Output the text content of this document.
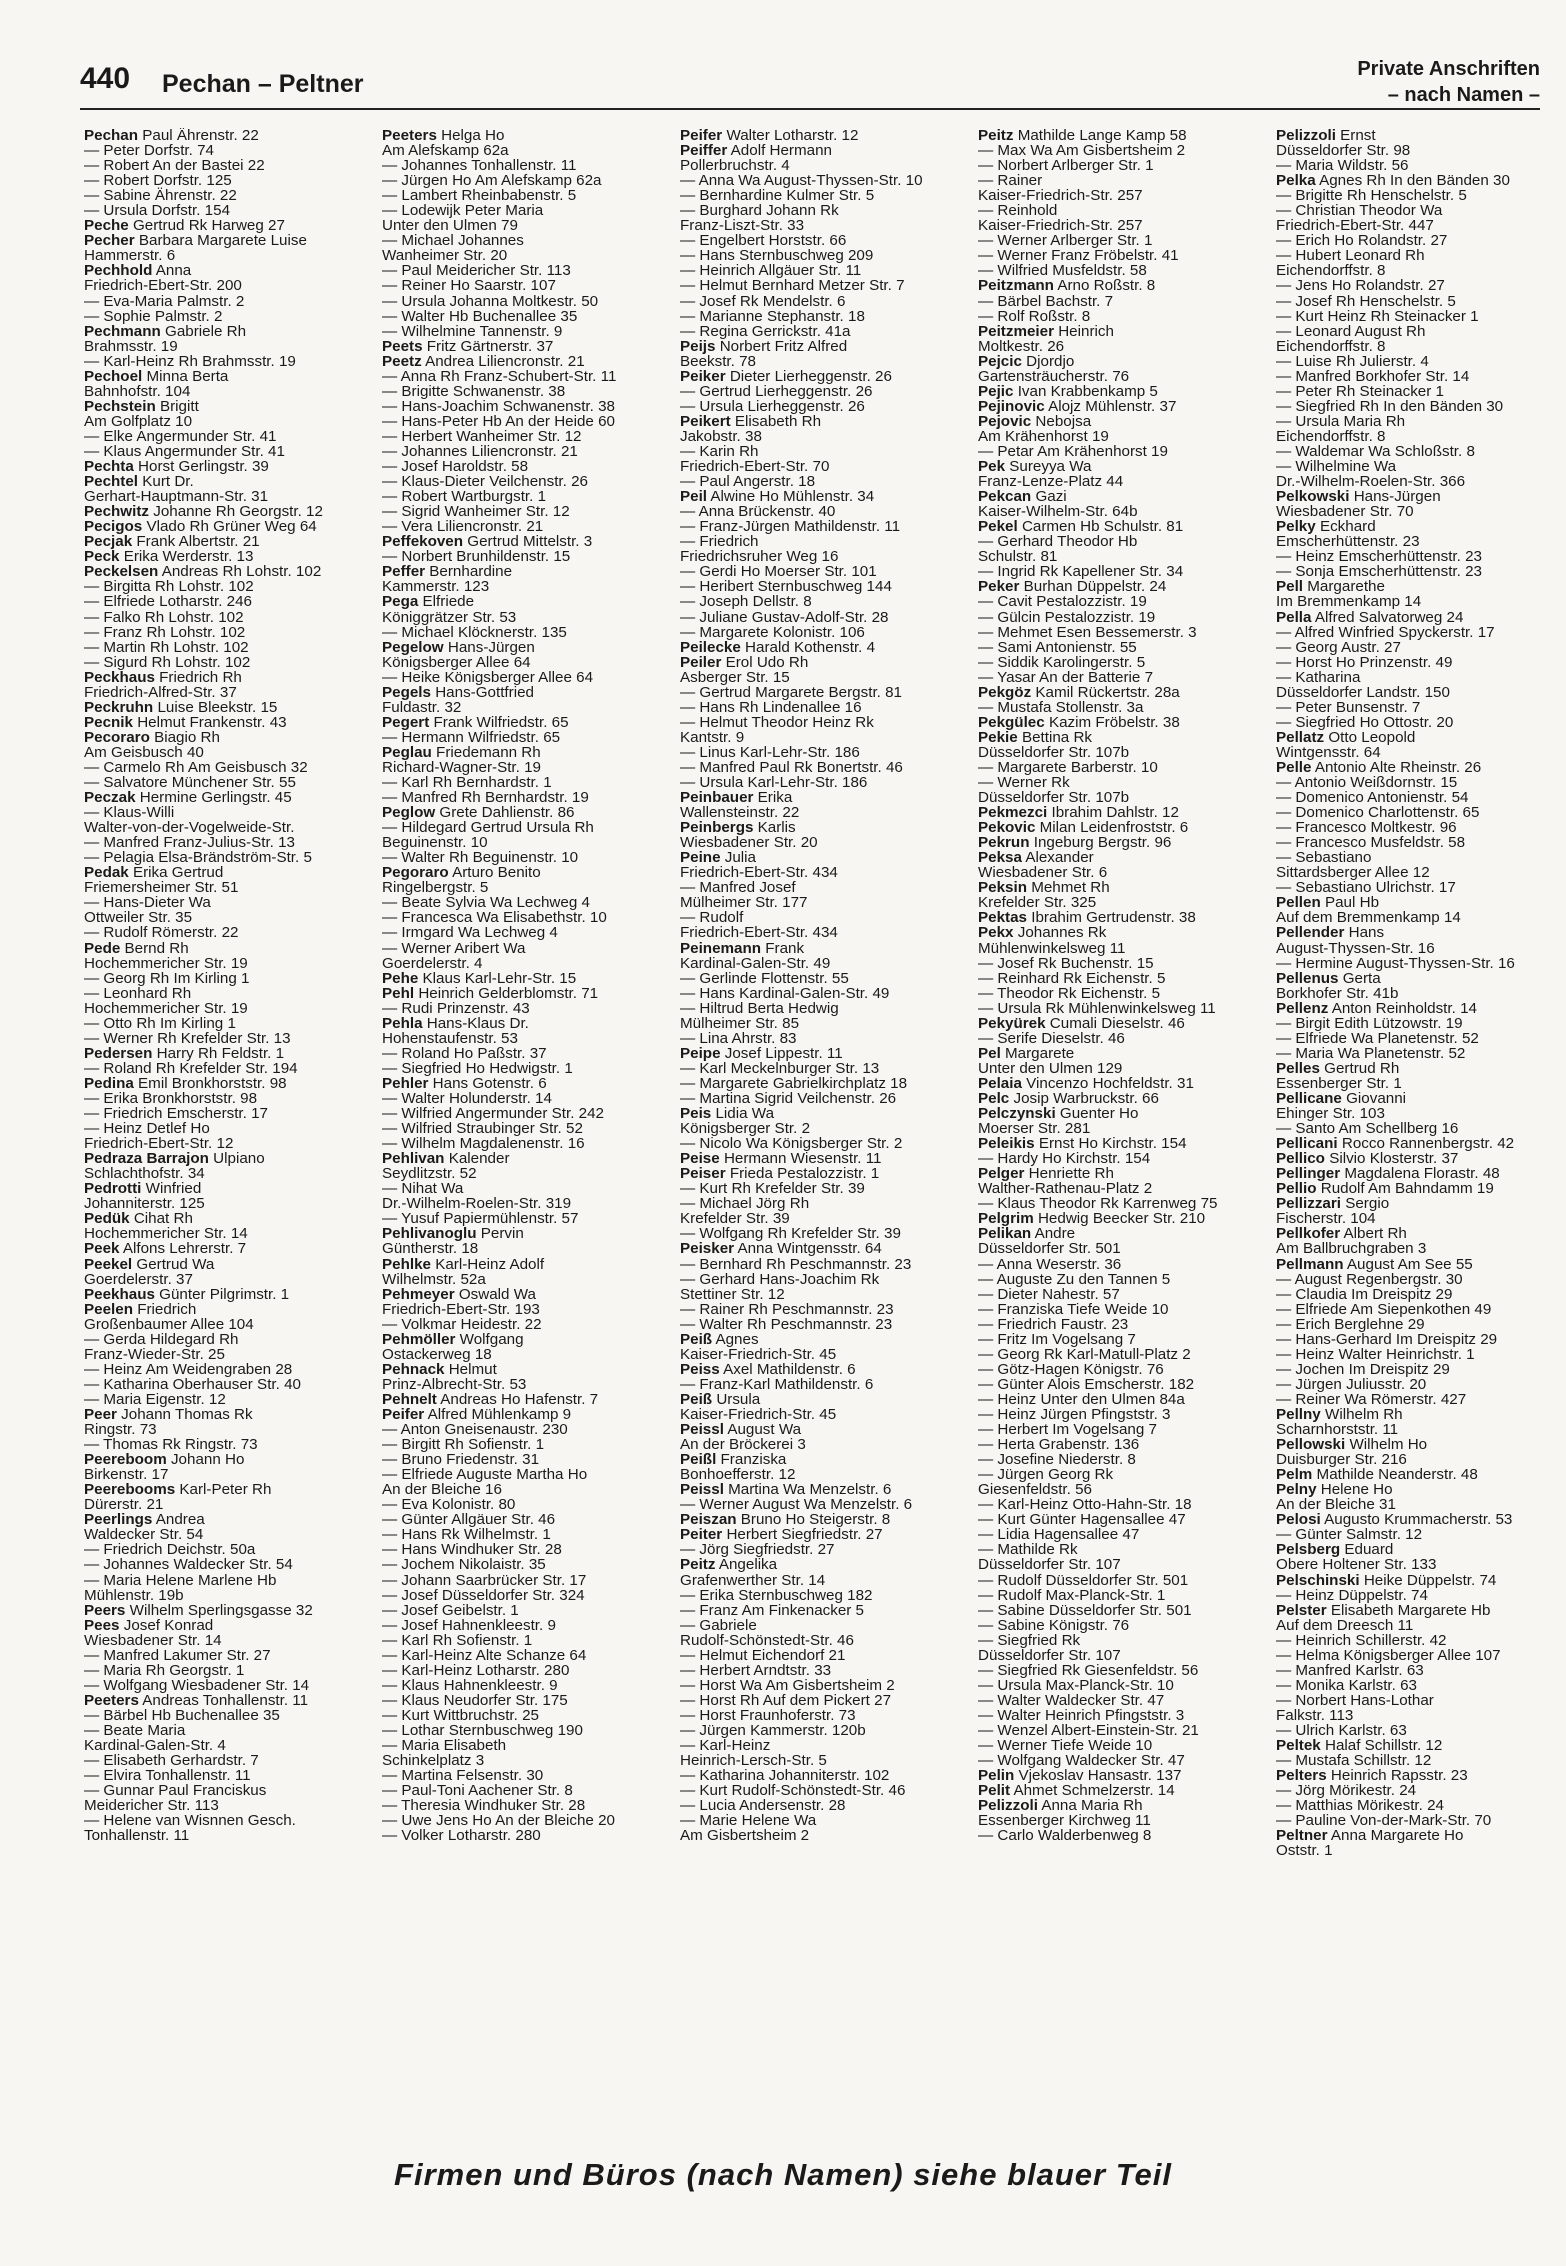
440 Pechan – Peltner
Private Anschriften
– nach Namen –
Pechan Paul Ährenstr. 22
— Peter Dorfstr. 74
— Robert An der Bastei 22
— Robert Dorfstr. 125
— Sabine Ährenstr. 22
— Ursula Dorfstr. 154
Peche Gertrud Rk Harweg 27
Pecher Barbara Margarete Luise
Hammerstr. 6
Pechhold Anna
Friedrich-Ebert-Str. 200
— Eva-Maria Palmstr. 2
— Sophie Palmstr. 2
Pechmann Gabriele Rh
Brahmsstr. 19
— Karl-Heinz Rh Brahmsstr. 19
Pechoel Minna Berta
Bahnhofstr. 104
Pechstein Brigitt
Am Golfplatz 10
— Elke Angermunder Str. 41
— Klaus Angermunder Str. 41
Pechta Horst Gerlingstr. 39
Pechtel Kurt Dr.
Gerhart-Hauptmann-Str. 31
Pechwitz Johanne Rh Georgstr. 12
Pecigos Vlado Rh Grüner Weg 64
Pecjak Frank Albertstr. 21
Peck Erika Werderstr. 13
Peckelsen Andreas Rh Lohstr. 102
— Birgitta Rh Lohstr. 102
— Elfriede Lotharstr. 246
— Falko Rh Lohstr. 102
— Franz Rh Lohstr. 102
— Martin Rh Lohstr. 102
— Sigurd Rh Lohstr. 102
Peckhaus Friedrich Rh
Friedrich-Alfred-Str. 37
Peckruhn Luise Bleekstr. 15
Pecnik Helmut Frankenstr. 43
Pecoraro Biagio Rh
Am Geisbusch 40
— Carmelo Rh Am Geisbusch 32
— Salvatore Münchener Str. 55
Peczak Hermine Gerlingstr. 45
— Klaus-Willi
Walter-von-der-Vogelweide-Str.
— Manfred Franz-Julius-Str. 13
— Pelagia Elsa-Brändström-Str. 5
Pedak Erika Gertrud
Friemersheimer Str. 51
— Hans-Dieter Wa
Ottweiler Str. 35
— Rudolf Römerstr. 22
Pede Bernd Rh
Hochemmericher Str. 19
— Georg Rh Im Kirling 1
— Leonhard Rh
Hochemmericher Str. 19
— Otto Rh Im Kirling 1
— Werner Rh Krefelder Str. 13
Pedersen Harry Rh Feldstr. 1
— Roland Rh Krefelder Str. 194
Pedina Emil Bronkhorststr. 98
— Erika Bronkhorststr. 98
— Friedrich Emscherstr. 17
— Heinz Detlef Ho
Friedrich-Ebert-Str. 12
Pedraza Barrajon Ulpiano
Schlachthofstr. 34
Pedrotti Winfried
Johanniterstr. 125
Pedük Cihat Rh
Hochemmericher Str. 14
Peek Alfons Lehrerstr. 7
Peekel Gertrud Wa
Goerdelerstr. 37
Peekhaus Günter Pilgrimstr. 1
Peelen Friedrich
Großenbaumer Allee 104
— Gerda Hildegard Rh
Franz-Wieder-Str. 25
— Heinz Am Weidengraben 28
— Katharina Oberhauser Str. 40
— Maria Eigenstr. 12
Peer Johann Thomas Rk
Ringstr. 73
— Thomas Rk Ringstr. 73
Peereboom Johann Ho
Birkenstr. 17
Peerebooms Karl-Peter Rh
Dürerstr. 21
Peerlings Andrea
Waldecker Str. 54
— Friedrich Deichstr. 50a
— Johannes Waldecker Str. 54
— Maria Helene Marlene Hb
Mühlenstr. 19b
Peers Wilhelm Sperlingsgasse 32
Pees Josef Konrad
Wiesbadener Str. 14
— Manfred Lakumer Str. 27
— Maria Rh Georgstr. 1
— Wolfgang Wiesbadener Str. 14
Peeters Andreas Tonhallenstr. 11
— Bärbel Hb Buchenallee 35
— Beate Maria
Kardinal-Galen-Str. 4
— Elisabeth Gerhardstr. 7
— Elvira Tonhallenstr. 11
— Gunnar Paul Franciskus
Meidericher Str. 113
— Helene van Wisnnen Gesch.
Tonhallenstr. 11
Peeters Helga Ho
Am Alefskamp 62a
— Johannes Tonhallenstr. 11
— Jürgen Ho Am Alefskamp 62a
— Lambert Rheinbabenstr. 5
— Lodewijk Peter Maria
Unter den Ulmen 79
— Michael Johannes
Wanheimer Str. 20
— Paul Meidericher Str. 113
— Reiner Ho Saarstr. 107
— Ursula Johanna Moltkestr. 50
— Walter Hb Buchenallee 35
— Wilhelmine Tannenstr. 9
Peets Fritz Gärtnerstr. 37
Peetz Andrea Liliencronstr. 21
— Anna Rh Franz-Schubert-Str. 11
— Brigitte Schwanenstr. 38
— Hans-Joachim Schwanenstr. 38
— Hans-Peter Hb An der Heide 60
— Herbert Wanheimer Str. 12
— Johannes Liliencronstr. 21
— Josef Haroldstr. 58
— Klaus-Dieter Veilchenstr. 26
— Robert Wartburgstr. 1
— Sigrid Wanheimer Str. 12
— Vera Liliencronstr. 21
Peffekoven Gertrud Mittelstr. 3
— Norbert Brunhildenstr. 15
Peffer Bernhardine
Kammerstr. 123
Pega Elfriede
Königgrätzer Str. 53
— Michael Klöcknerstr. 135
Pegelow Hans-Jürgen
Königsberger Allee 64
— Heike Königsberger Allee 64
Pegels Hans-Gottfried
Fuldastr. 32
Pegert Frank Wilfriedstr. 65
— Hermann Wilfriedstr. 65
Peglau Friedemann Rh
Richard-Wagner-Str. 19
— Karl Rh Bernhardstr. 1
— Manfred Rh Bernhardstr. 19
Peglow Grete Dahlienstr. 86
— Hildegard Gertrud Ursula Rh
Beguinenstr. 10
— Walter Rh Beguinenstr. 10
Pegoraro Arturo Benito
Ringelbergstr. 5
— Beate Sylvia Wa Lechweg 4
— Francesca Wa Elisabethstr. 10
— Irmgard Wa Lechweg 4
— Werner Aribert Wa
Goerdelerstr. 4
Pehe Klaus Karl-Lehr-Str. 15
Pehl Heinrich Gelderblomstr. 71
— Rudi Prinzenstr. 43
Pehla Hans-Klaus Dr.
Hohenstaufenstr. 53
— Roland Ho Paßstr. 37
— Siegfried Ho Hedwigstr. 1
Pehler Hans Gotenstr. 6
— Walter Holunderstr. 14
— Wilfried Angermunder Str. 242
— Wilfried Straubinger Str. 52
— Wilhelm Magdalenenstr. 16
Pehlivan Kalender
Seydlitzstr. 52
— Nihat Wa
Dr.-Wilhelm-Roelen-Str. 319
— Yusuf Papiermühlenstr. 57
Pehlivanoglu Pervin
Güntherstr. 18
Pehlke Karl-Heinz Adolf
Wilhelmstr. 52a
Pehmeyer Oswald Wa
Friedrich-Ebert-Str. 193
— Volkmar Heidestr. 22
Pehmöller Wolfgang
Ostackerweg 18
Pehnack Helmut
Prinz-Albrecht-Str. 53
Pehnelt Andreas Ho Hafenstr. 7
Peifer Alfred Mühlenkamp 9
— Anton Gneisenaustr. 230
— Birgitt Rh Sofienstr. 1
— Bruno Friedenstr. 31
— Elfriede Auguste Martha Ho
An der Bleiche 16
— Eva Kolonistr. 80
— Günter Allgäuer Str. 46
— Hans Rk Wilhelmstr. 1
— Hans Windhuker Str. 28
— Jochem Nikolaistr. 35
— Johann Saarbrücker Str. 17
— Josef Düsseldorfer Str. 324
— Josef Geibelstr. 1
— Josef Hahnenkleestr. 9
— Karl Rh Sofienstr. 1
— Karl-Heinz Alte Schanze 64
— Karl-Heinz Lotharstr. 280
— Klaus Hahnenkleestr. 9
— Klaus Neudorfer Str. 175
— Kurt Wittbruchstr. 25
— Lothar Sternbuschweg 190
— Maria Elisabeth
Schinkelplatz 3
— Martina Felsenstr. 30
— Paul-Toni Aachener Str. 8
— Theresia Windhuker Str. 28
— Uwe Jens Ho An der Bleiche 20
— Volker Lotharstr. 280
Peifer Walter Lotharstr. 12
Peiffer Adolf Hermann
Pollerbruchstr. 4
— Anna Wa August-Thyssen-Str. 10
— Bernhardine Kulmer Str. 5
— Burghard Johann Rk
Franz-Liszt-Str. 33
— Engelbert Horststr. 66
— Hans Sternbuschweg 209
— Heinrich Allgäuer Str. 11
— Helmut Bernhard Metzer Str. 7
— Josef Rk Mendelstr. 6
— Marianne Stephanstr. 18
— Regina Gerrickstr. 41a
Peijs Norbert Fritz Alfred
Beekstr. 78
Peiker Dieter Lierheggenstr. 26
— Gertrud Lierheggenstr. 26
— Ursula Lierheggenstr. 26
Peikert Elisabeth Rh
Jakobstr. 38
— Karin Rh
Friedrich-Ebert-Str. 70
— Paul Angerstr. 18
Peil Alwine Ho Mühlenstr. 34
— Anna Brückenstr. 40
— Franz-Jürgen Mathildenstr. 11
— Friedrich
Friedrichsruher Weg 16
— Gerdi Ho Moerser Str. 101
— Heribert Sternbuschweg 144
— Joseph Dellstr. 8
— Juliane Gustav-Adolf-Str. 28
— Margarete Kolonistr. 106
Peilecke Harald Kothenstr. 4
Peiler Erol Udo Rh
Asberger Str. 15
— Gertrud Margarete Bergstr. 81
— Hans Rh Lindenallee 16
— Helmut Theodor Heinz Rk
Kantstr. 9
— Linus Karl-Lehr-Str. 186
— Manfred Paul Rk Bonertstr. 46
— Ursula Karl-Lehr-Str. 186
Peinbauer Erika
Wallensteinstr. 22
Peinbergs Karlis
Wiesbadener Str. 20
Peine Julia
Friedrich-Ebert-Str. 434
— Manfred Josef
Mülheimer Str. 177
— Rudolf
Friedrich-Ebert-Str. 434
Peinemann Frank
Kardinal-Galen-Str. 49
— Gerlinde Flottenstr. 55
— Hans Kardinal-Galen-Str. 49
— Hiltrud Berta Hedwig
Mülheimer Str. 85
— Lina Ahrstr. 83
Peipe Josef Lippestr. 11
— Karl Meckelnburger Str. 13
— Margarete Gabrielkirchplatz 18
— Martina Sigrid Veilchenstr. 26
Peis Lidia Wa
Königsberger Str. 2
— Nicolo Wa Königsberger Str. 2
Peise Hermann Wiesenstr. 11
Peiser Frieda Pestalozzistr. 1
— Kurt Rh Krefelder Str. 39
— Michael Jörg Rh
Krefelder Str. 39
— Wolfgang Rh Krefelder Str. 39
Peisker Anna Wintgensstr. 64
— Bernhard Rh Peschmannstr. 23
— Gerhard Hans-Joachim Rk
Stettiner Str. 12
— Rainer Rh Peschmannstr. 23
— Walter Rh Peschmannstr. 23
Peiß Agnes
Kaiser-Friedrich-Str. 45
Peiss Axel Mathildenstr. 6
— Franz-Karl Mathildenstr. 6
Peiß Ursula
Kaiser-Friedrich-Str. 45
Peissl August Wa
An der Bröckerei 3
Peißl Franziska
Bonhoefferstr. 12
Peissl Martina Wa Menzelstr. 6
— Werner August Wa Menzelstr. 6
Peiszan Bruno Ho Steigerstr. 8
Peiter Herbert Siegfriedstr. 27
— Jörg Siegfriedstr. 27
Peitz Angelika
Grafenwerther Str. 14
— Erika Sternbuschweg 182
— Franz Am Finkenacker 5
— Gabriele
Rudolf-Schönstedt-Str. 46
— Helmut Eichendorf 21
— Herbert Arndtstr. 33
— Horst Wa Am Gisbertsheim 2
— Horst Rh Auf dem Pickert 27
— Horst Fraunhoferstr. 73
— Jürgen Kammerstr. 120b
— Karl-Heinz
Heinrich-Lersch-Str. 5
— Katharina Johanniterstr. 102
— Kurt Rudolf-Schönstedt-Str. 46
— Lucia Andersenstr. 28
— Marie Helene Wa
Am Gisbertsheim 2
Peitz Mathilde Lange Kamp 58
— Max Wa Am Gisbertsheim 2
— Norbert Arlberger Str. 1
— Rainer
Kaiser-Friedrich-Str. 257
— Reinhold
Kaiser-Friedrich-Str. 257
— Werner Arlberger Str. 1
— Werner Franz Fröbelstr. 41
— Wilfried Musfeldstr. 58
Peitzmann Arno Roßstr. 8
— Bärbel Bachstr. 7
— Rolf Roßstr. 8
Peitzmeier Heinrich
Moltkestr. 26
Pejcic Djordjo
Gartensträucherstr. 76
Pejic Ivan Krabbenkamp 5
Pejinovic Alojz Mühlenstr. 37
Pejovic Nebojsa
Am Krähenhorst 19
— Petar Am Krähenhorst 19
Pek Sureyya Wa
Franz-Lenze-Platz 44
Pekcan Gazi
Kaiser-Wilhelm-Str. 64b
Pekel Carmen Hb Schulstr. 81
— Gerhard Theodor Hb
Schulstr. 81
— Ingrid Rk Kapellener Str. 34
Peker Burhan Düppelstr. 24
— Cavit Pestalozzistr. 19
— Gülcin Pestalozzistr. 19
— Mehmet Esen Bessemerstr. 3
— Sami Antonienstr. 55
— Siddik Karolingerstr. 5
— Yasar An der Batterie 7
Pekgöz Kamil Rückertstr. 28a
— Mustafa Stollenstr. 3a
Pekgülec Kazim Fröbelstr. 38
Pekie Bettina Rk
Düsseldorfer Str. 107b
— Margarete Barberstr. 10
— Werner Rk
Düsseldorfer Str. 107b
Pekmezci Ibrahim Dahlstr. 12
Pekovic Milan Leidenfroststr. 6
Pekrun Ingeburg Bergstr. 96
Peksa Alexander
Wiesbadener Str. 6
Peksin Mehmet Rh
Krefelder Str. 325
Pektas Ibrahim Gertrudenstr. 38
Pekx Johannes Rk
Mühlenwinkelsweg 11
— Josef Rk Buchenstr. 15
— Reinhard Rk Eichenstr. 5
— Theodor Rk Eichenstr. 5
— Ursula Rk Mühlenwinkelsweg 11
Pekyürek Cumali Dieselstr. 46
— Serife Dieselstr. 46
Pel Margarete
Unter den Ulmen 129
Pelaia Vincenzo Hochfeldstr. 31
Pelc Josip Warbruckstr. 66
Pelczynski Guenter Ho
Moerser Str. 281
Peleikis Ernst Ho Kirchstr. 154
— Hardy Ho Kirchstr. 154
Pelger Henriette Rh
Walther-Rathenau-Platz 2
— Klaus Theodor Rk Karrenweg 75
Pelgrim Hedwig Beecker Str. 210
Pelikan Andre
Düsseldorfer Str. 501
— Anna Weserstr. 36
— Auguste Zu den Tannen 5
— Dieter Nahestr. 57
— Franziska Tiefe Weide 10
— Friedrich Faustr. 23
— Fritz Im Vogelsang 7
— Georg Rk Karl-Matull-Platz 2
— Götz-Hagen Königstr. 76
— Günter Alois Emscherstr. 182
— Heinz Unter den Ulmen 84a
— Heinz Jürgen Pfingststr. 3
— Herbert Im Vogelsang 7
— Herta Grabenstr. 136
— Josefine Niederstr. 8
— Jürgen Georg Rk
Giesenfeldstr. 56
— Karl-Heinz Otto-Hahn-Str. 18
— Kurt Günter Hagensallee 47
— Lidia Hagensallee 47
— Mathilde Rk
Düsseldorfer Str. 107
— Rudolf Düsseldorfer Str. 501
— Rudolf Max-Planck-Str. 1
— Sabine Düsseldorfer Str. 501
— Sabine Königstr. 76
— Siegfried Rk
Düsseldorfer Str. 107
— Siegfried Rk Giesenfeldstr. 56
— Ursula Max-Planck-Str. 10
— Walter Waldecker Str. 47
— Walter Heinrich Pfingststr. 3
— Wenzel Albert-Einstein-Str. 21
— Werner Tiefe Weide 10
— Wolfgang Waldecker Str. 47
Pelin Vjekoslav Hansastr. 137
Pelit Ahmet Schmelzerstr. 14
Pelizzoli Anna Maria Rh
Essenberger Kirchweg 11
— Carlo Walderbenweg 8
Pelizzoli Ernst
Düsseldorfer Str. 98
— Maria Wildstr. 56
Pelka Agnes Rh In den Bänden 30
— Brigitte Rh Henschelstr. 5
— Christian Theodor Wa
Friedrich-Ebert-Str. 447
— Erich Ho Rolandstr. 27
— Hubert Leonard Rh
Eichendorffstr. 8
— Jens Ho Rolandstr. 27
— Josef Rh Henschelstr. 5
— Kurt Heinz Rh Steinacker 1
— Leonard August Rh
Eichendorffstr. 8
— Luise Rh Julierstr. 4
— Manfred Borkhofer Str. 14
— Peter Rh Steinacker 1
— Siegfried Rh In den Bänden 30
— Ursula Maria Rh
Eichendorffstr. 8
— Waldemar Wa Schloßstr. 8
— Wilhelmine Wa
Dr.-Wilhelm-Roelen-Str. 366
Pelkowski Hans-Jürgen
Wiesbadener Str. 70
Pelky Eckhard
Emscherhüttenstr. 23
— Heinz Emscherhüttenstr. 23
— Sonja Emscherhüttenstr. 23
Pell Margarethe
Im Bremmenkamp 14
Pella Alfred Salvatorweg 24
— Alfred Winfried Spyckerstr. 17
— Georg Austr. 27
— Horst Ho Prinzenstr. 49
— Katharina
Düsseldorfer Landstr. 150
— Peter Bunsenstr. 7
— Siegfried Ho Ottostr. 20
Pellatz Otto Leopold
Wintgensstr. 64
Pelle Antonio Alte Rheinstr. 26
— Antonio Weißdornstr. 15
— Domenico Antonienstr. 54
— Domenico Charlottenstr. 65
— Francesco Moltkestr. 96
— Francesco Musfeldstr. 58
— Sebastiano
Sittardsberger Allee 12
— Sebastiano Ulrichstr. 17
Pellen Paul Hb
Auf dem Bremmenkamp 14
Pellender Hans
August-Thyssen-Str. 16
— Hermine August-Thyssen-Str. 16
Pellenus Gerta
Borkhofer Str. 41b
Pellenz Anton Reinholdstr. 14
— Birgit Edith Lützowstr. 19
— Elfriede Wa Planetenstr. 52
— Maria Wa Planetenstr. 52
Pelles Gertrud Rh
Essenberger Str. 1
Pellicane Giovanni
Ehinger Str. 103
— Santo Am Schellberg 16
Pellicani Rocco Rannenbergstr. 42
Pellico Silvio Klosterstr. 37
Pellinger Magdalena Florastr. 48
Pellio Rudolf Am Bahndamm 19
Pellizzari Sergio
Fischerstr. 104
Pellkofer Albert Rh
Am Ballbruchgraben 3
Pellmann August Am See 55
— August Regenbergstr. 30
— Claudia Im Dreispitz 29
— Elfriede Am Siepenkothen 49
— Erich Berglehne 29
— Hans-Gerhard Im Dreispitz 29
— Heinz Walter Heinrichstr. 1
— Jochen Im Dreispitz 29
— Jürgen Juliusstr. 20
— Reiner Wa Römerstr. 427
Pellny Wilhelm Rh
Scharnhorststr. 11
Pellowski Wilhelm Ho
Duisburger Str. 216
Pelm Mathilde Neanderstr. 48
Pelny Helene Ho
An der Bleiche 31
Pelosi Augusto Krummacherstr. 53
— Günter Salmstr. 12
Pelsberg Eduard
Obere Holtener Str. 133
Pelschinski Heike Düppelstr. 74
— Heinz Düppelstr. 74
Pelster Elisabeth Margarete Hb
Auf dem Dreesch 11
— Heinrich Schillerstr. 42
— Helma Königsberger Allee 107
— Manfred Karlstr. 63
— Monika Karlstr. 63
— Norbert Hans-Lothar
Falkstr. 113
— Ulrich Karlstr. 63
Peltek Halaf Schillstr. 12
— Mustafa Schillstr. 12
Pelters Heinrich Rapsstr. 23
— Jörg Mörikestr. 24
— Matthias Mörikestr. 24
— Pauline Von-der-Mark-Str. 70
Peltner Anna Margarete Ho
Oststr. 1
Firmen und Büros (nach Namen) siehe blauer Teil
